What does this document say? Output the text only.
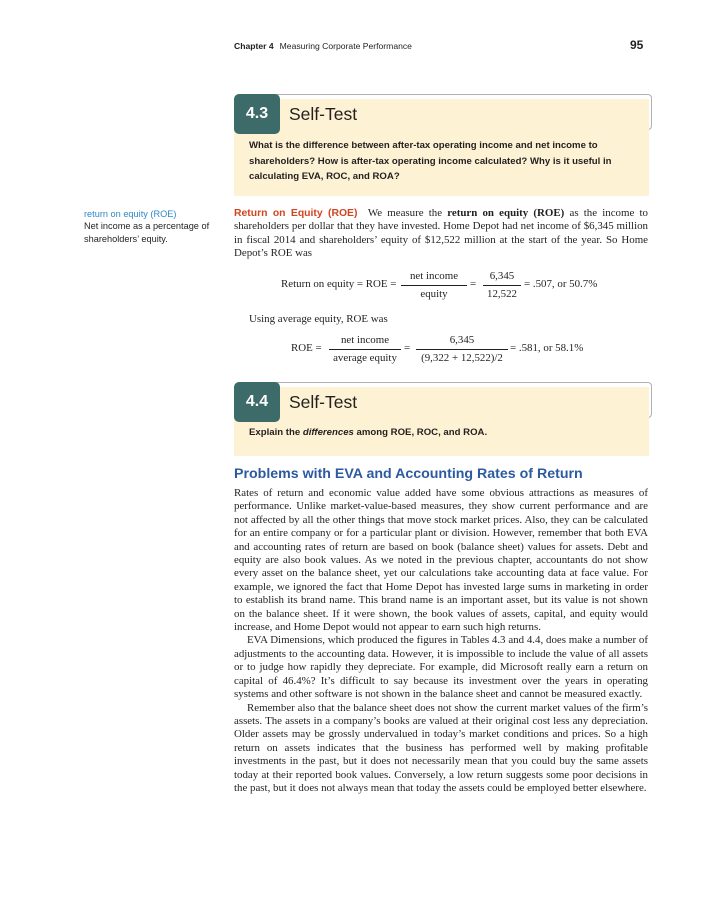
Chapter 4 Measuring Corporate Performance	95
4.3	Self-Test
What is the difference between after-tax operating income and net income to shareholders? How is after-tax operating income calculated? Why is it useful in calculating EVA, ROC, and ROA?
return on equity (ROE)
Net income as a percentage of shareholders’ equity.
Return on Equity (ROE) We measure the return on equity (ROE) as the income to shareholders per dollar that they have invested. Home Depot had net income of $6,345 million in fiscal 2014 and shareholders’ equity of $12,522 million at the start of the year. So Home Depot’s ROE was
Return on equity = ROE =
net income
equity
=
6,345
12,522
= .507, or 50.7%
Using average equity, ROE was
ROE =
net income
average equity
=
6,345
(9,322 + 12,522)/2
= .581, or 58.1%
4.4	Self-Test
Explain the differences among ROE, ROC, and ROA.
Problems with EVA and Accounting Rates of Return

Rates of return and economic value added have some obvious attractions as measures of performance. Unlike market-value-based measures, they show current performance and are not affected by all the other things that move stock market prices. Also, they can be calculated for an entire company or for a particular plant or division. However, remember that both EVA and accounting rates of return are based on book (balance sheet) values for assets. Debt and equity are also book values. As we noted in the previous chapter, accountants do not show every asset on the balance sheet, yet our calculations take accounting data at face value. For example, we ignored the fact that Home Depot has invested large sums in marketing in order to establish its brand name. This brand name is an important asset, but its value is not shown on the balance sheet. If it were shown, the book values of assets, capital, and equity would increase, and Home Depot would not appear to earn such high returns.

EVA Dimensions, which produced the figures in Tables 4.3 and 4.4, does make a number of adjustments to the accounting data. However, it is impossible to include the value of all assets or to judge how rapidly they depreciate. For example, did Microsoft really earn a return on capital of 46.4%? It’s difficult to say because its investment over the years in operating systems and other software is not shown in the balance sheet and cannot be measured exactly.

Remember also that the balance sheet does not show the current market values of the firm’s assets. The assets in a company’s books are valued at their original cost less any depreciation. Older assets may be grossly undervalued in today’s market conditions and prices. So a high return on assets indicates that the business has performed well by making profitable investments in the past, but it does not necessarily mean that you could buy the same assets today at their reported book values. Conversely, a low return suggests some poor decisions in the past, but it does not always mean that today the assets could be employed better elsewhere.
